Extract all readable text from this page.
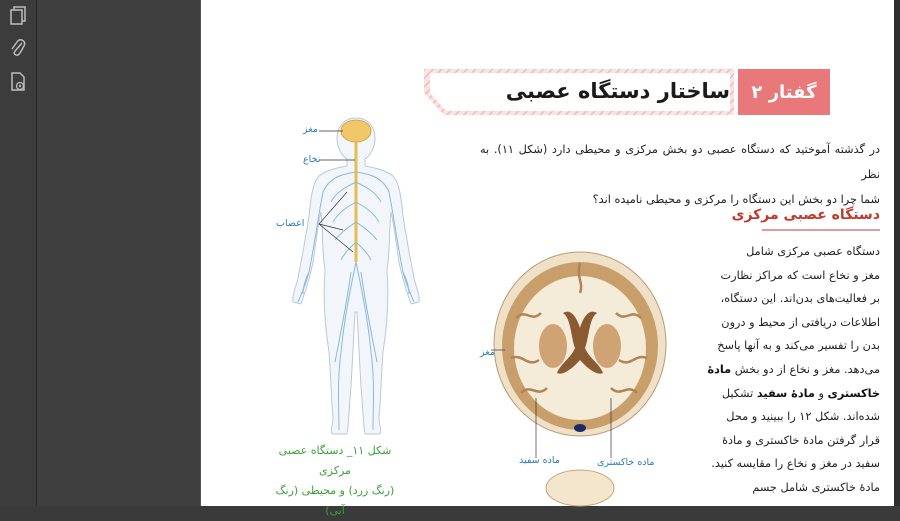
ساختار دستگاه عصبی	گفتار ۲
در گذشته آموختید که دستگاه عصبی دو بخش مرکزی و محیطی دارد (شکل ۱۱). به نظر
شما چرا دو بخش این دستگاه را مرکزی و محیطی نامیده اند؟
دستگاه عصبی مرکزی
دستگاه عصبی مرکزی شامل
مغز و نخاع است که مراکز نظارت
بر فعالیت‌های بدن‌اند. این دستگاه،
اطلاعات دریافتی از محیط و درون
بدن را تفسیر می‌کند و به آنها پاسخ
می‌دهد. مغز و نخاع از دو بخش مادهٔ
خاکستری و مادهٔ سفید تشکیل
شده‌اند. شکل ۱۲ را ببینید و محل
قرار گرفتن مادهٔ خاکستری و مادهٔ
سفید در مغز و نخاع را مقایسه کنید.
مادهٔ خاکستری شامل جسم
مغز
نخاع
اعصاب
شکل ۱۱_ دستگاه عصبی مرکزی
(رنگ زرد) و محیطی (رنگ آبی)
مغز
ماده سفید	ماده خاکستری
